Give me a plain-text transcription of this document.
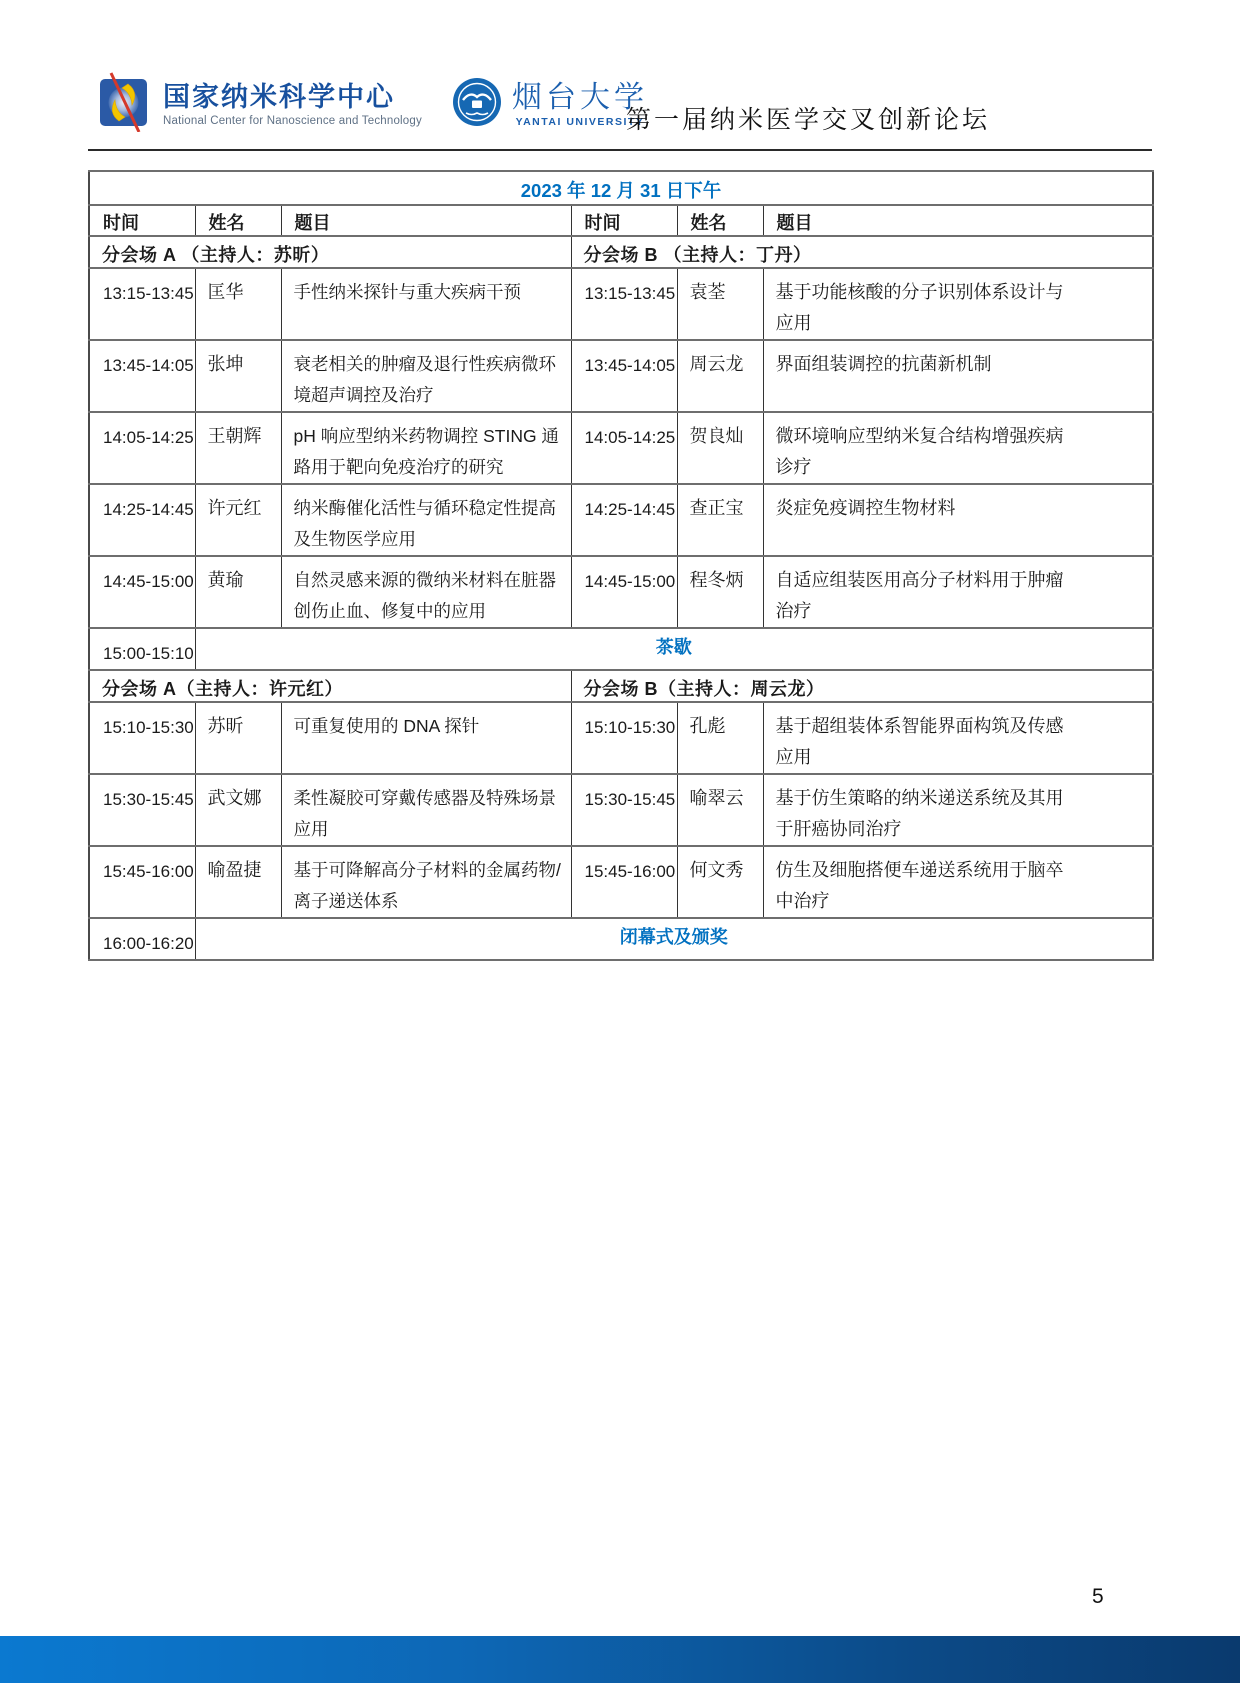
国家纳米科学中心
National Center for Nanoscience and Technology
烟台大学
YANTAI UNIVERSITY
第一届纳米医学交叉创新论坛
2023 年 12 月 31 日下午					
时间	姓名	题目	时间	姓名	题目
分会场 A （主持人：苏昕）			分会场 B （主持人：丁丹）		
13:15-13:45	匡华	手性纳米探针与重大疾病干预	13:15-13:45	袁荃	基于功能核酸的分子识别体系设计与应用
13:45-14:05	张坤	衰老相关的肿瘤及退行性疾病微环境超声调控及治疗	13:45-14:05	周云龙	界面组装调控的抗菌新机制
14:05-14:25	王朝辉	pH 响应型纳米药物调控 STING 通路用于靶向免疫治疗的研究	14:05-14:25	贺良灿	微环境响应型纳米复合结构增强疾病诊疗
14:25-14:45	许元红	纳米酶催化活性与循环稳定性提高及生物医学应用	14:25-14:45	查正宝	炎症免疫调控生物材料
14:45-15:00	黄瑜	自然灵感来源的微纳米材料在脏器创伤止血、修复中的应用	14:45-15:00	程冬炳	自适应组装医用高分子材料用于肿瘤治疗
15:00-15:10	茶歇				
分会场 A（主持人：许元红）			分会场 B（主持人：周云龙）		
15:10-15:30	苏昕	可重复使用的 DNA 探针	15:10-15:30	孔彪	基于超组装体系智能界面构筑及传感应用
15:30-15:45	武文娜	柔性凝胶可穿戴传感器及特殊场景应用	15:30-15:45	喻翠云	基于仿生策略的纳米递送系统及其用于肝癌协同治疗
15:45-16:00	喻盈捷	基于可降解高分子材料的金属药物/离子递送体系	15:45-16:00	何文秀	仿生及细胞搭便车递送系统用于脑卒中治疗
16:00-16:20	闭幕式及颁奖				
5
